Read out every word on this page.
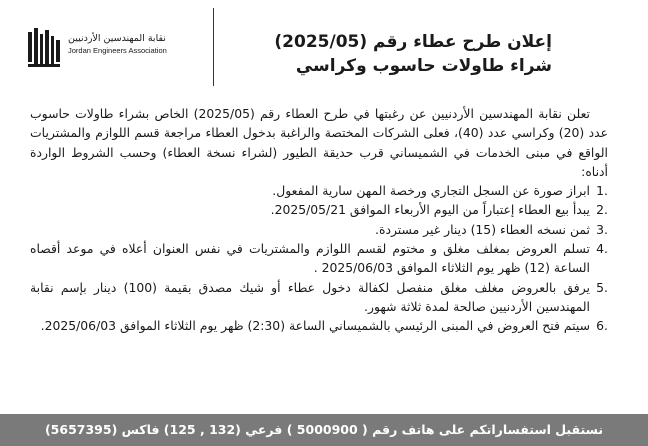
إعلان طرح عطاء رقم (2025/05)

شراء طاولات حاسوب وكراسي

نقابة المهندسين الأردنيين
Jordan Engineers Association

تعلن نقابة المهندسين الأردنيين عن رغبتها في طرح العطاء رقم (2025/05) الخاص بشراء طاولات حاسوب عدد (20) وكراسي عدد (40)، فعلى الشركات المختصة والراغبة بدخول العطاء مراجعة قسم اللوازم والمشتريات الواقع في مبنى الخدمات في الشميساني قرب حديقة الطيور (لشراء نسخة العطاء) وحسب الشروط الواردة أدناه:

.1
ابراز صورة عن السجل التجاري ورخصة المهن سارية المفعول.
.2
يبدأ بيع العطاء إعتباراً من اليوم الأربعاء الموافق 2025/05/21.
.3
ثمن نسخه العطاء (15) دينار غير مستردة.
.4
تسلم العروض بمغلف مغلق و مختوم لقسم اللوازم والمشتريات في نفس العنوان أعلاه في موعد أقصاه الساعة (12) ظهر يوم الثلاثاء الموافق 2025/06/03 .
.5
يرفق بالعروض مغلف مغلق منفصل لكفالة دخول عطاء أو شيك مصدق بقيمة (100) دينار بإسم نقابة المهندسين الأردنيين صالحة لمدة ثلاثة شهور.
.6
سيتم فتح العروض في المبنى الرئيسي بالشميساني الساعة (2:30) ظهر يوم الثلاثاء الموافق 2025/06/03.
نستقبل استفساراتكم على هاتف رقم ( 5000900 ) فرعي (132 , 125) فاكس (5657395)
